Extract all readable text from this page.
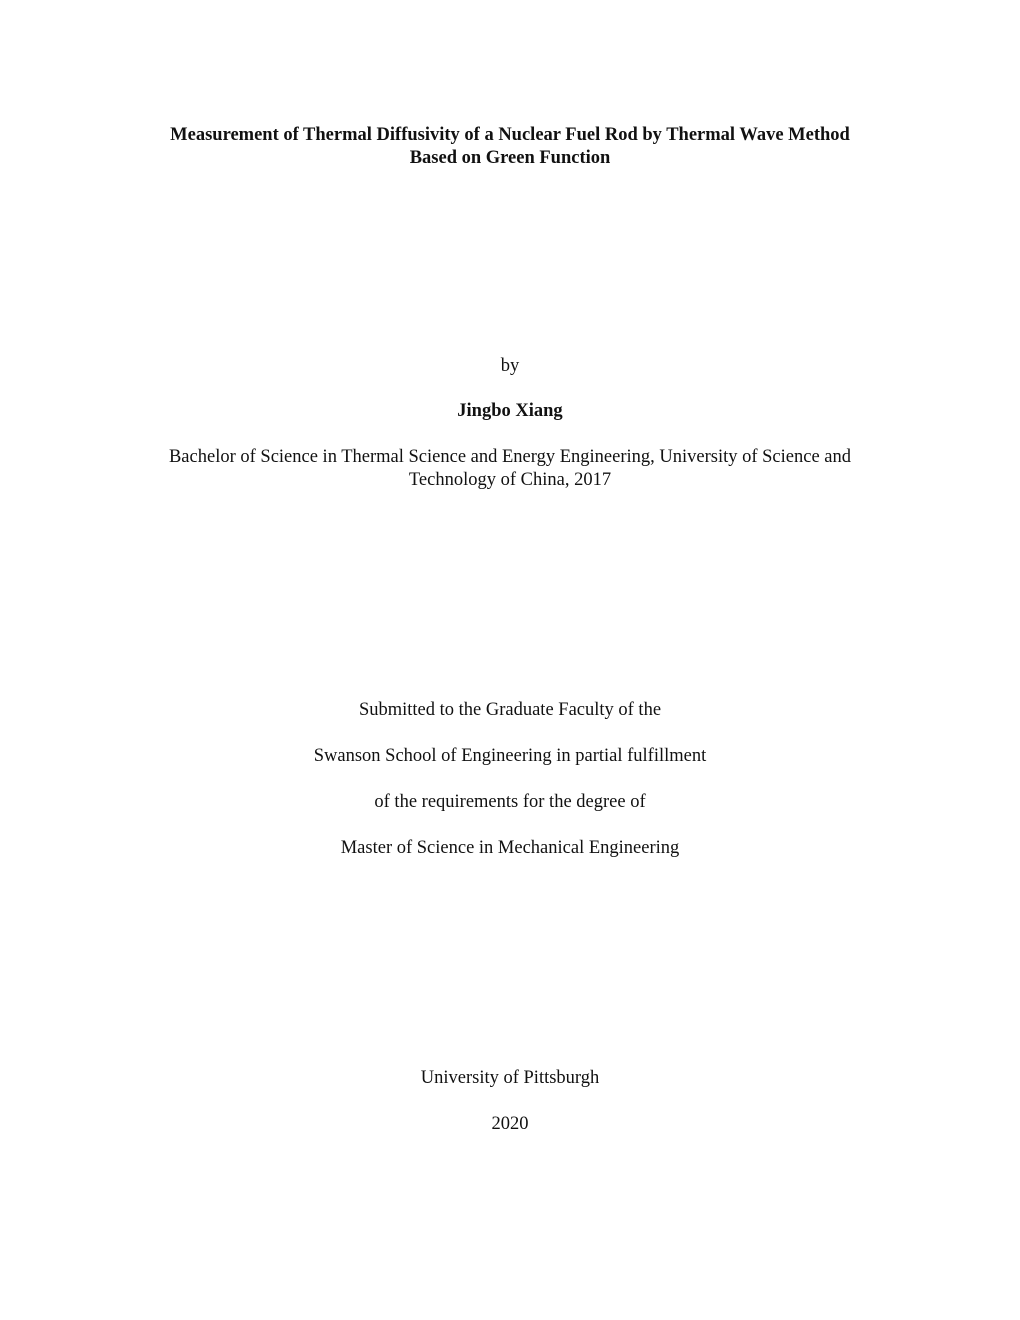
Measurement of Thermal Diffusivity of a Nuclear Fuel Rod by Thermal Wave Method
Based on Green Function
by
Jingbo Xiang
Bachelor of Science in Thermal Science and Energy Engineering, University of Science and
Technology of China, 2017
Submitted to the Graduate Faculty of the
Swanson School of Engineering in partial fulfillment
of the requirements for the degree of
Master of Science in Mechanical Engineering
University of Pittsburgh
2020
